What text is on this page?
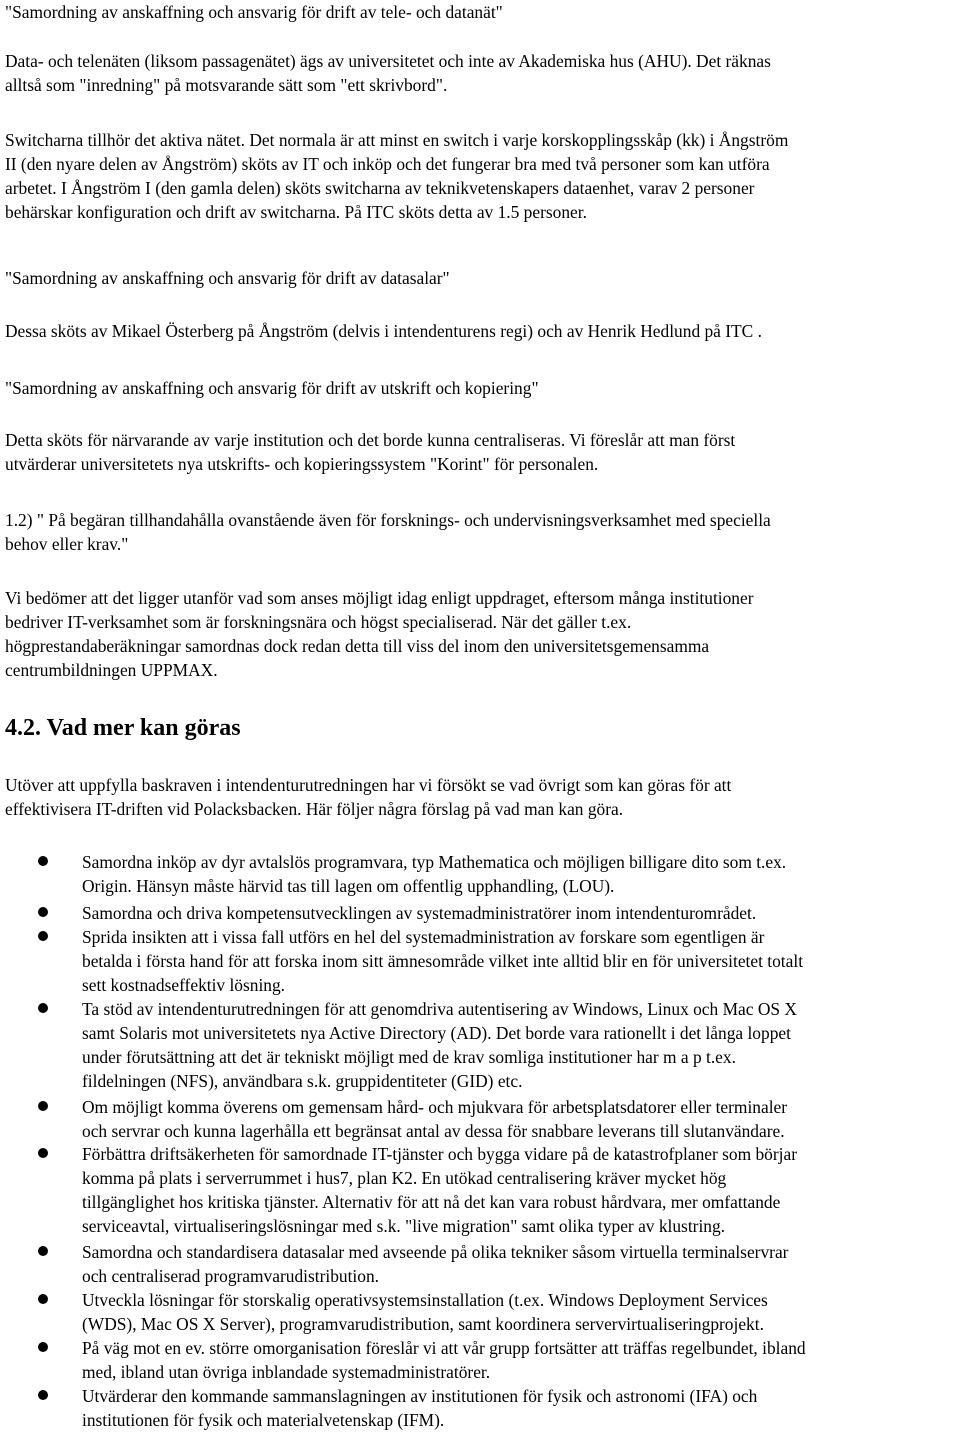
"Samordning av anskaffning och ansvarig för drift av tele- och datanät"

Data- och telenäten (liksom passagenätet) ägs av universitetet och inte av Akademiska hus (AHU). Det räknas
alltså som "inredning" på motsvarande sätt som "ett skrivbord".

Switcharna tillhör det aktiva nätet. Det normala är att minst en switch i varje korskopplingsskåp (kk) i Ångström
II (den nyare delen av Ångström) sköts av IT och inköp och det fungerar bra med två personer som kan utföra
arbetet. I Ångström I (den gamla delen) sköts switcharna av teknikvetenskapers dataenhet, varav 2 personer
behärskar konfiguration och drift av switcharna. På ITC sköts detta av 1.5 personer.

"Samordning av anskaffning och ansvarig för drift av datasalar"

Dessa sköts av Mikael Österberg på Ångström (delvis i intendenturens regi) och av Henrik Hedlund på ITC .

"Samordning av anskaffning och ansvarig för drift av utskrift och kopiering"

Detta sköts för närvarande av varje institution och det borde kunna centraliseras. Vi föreslår att man först
utvärderar universitetets nya utskrifts- och kopieringssystem "Korint" för personalen.

1.2) " På begäran tillhandahålla ovanstående även för forsknings- och undervisningsverksamhet med speciella
behov eller krav."

Vi bedömer att det ligger utanför vad som anses möjligt idag enligt uppdraget, eftersom många institutioner
bedriver IT-verksamhet som är forskningsnära och högst specialiserad. När det gäller t.ex.
högprestandaberäkningar samordnas dock redan detta till viss del inom den universitetsgemensamma
centrumbildningen UPPMAX.

4.2. Vad mer kan göras

Utöver att uppfylla baskraven i intendenturutredningen har vi försökt se vad övrigt som kan göras för att
effektivisera IT-driften vid Polacksbacken. Här följer några förslag på vad man kan göra.

Samordna inköp av dyr avtalslös programvara, typ Mathematica och möjligen billigare dito som t.ex.
Origin. Hänsyn måste härvid tas till lagen om offentlig upphandling, (LOU).

Samordna och driva kompetensutvecklingen av systemadministratörer inom intendenturområdet.

Sprida insikten att i vissa fall utförs en hel del systemadministration av forskare som egentligen är
betalda i första hand för att forska inom sitt ämnesområde vilket inte alltid blir en för universitetet totalt
sett kostnadseffektiv lösning.

Ta stöd av intendenturutredningen för att genomdriva autentisering av Windows, Linux och Mac OS X
samt Solaris mot universitetets nya Active Directory (AD). Det borde vara rationellt i det långa loppet
under förutsättning att det är tekniskt möjligt med de krav somliga institutioner har m a p t.ex.
fildelningen (NFS), användbara s.k. gruppidentiteter (GID) etc.

Om möjligt komma överens om gemensam hård- och mjukvara för arbetsplatsdatorer eller terminaler
och servrar och kunna lagerhålla ett begränsat antal av dessa för snabbare leverans till slutanvändare.

Förbättra driftsäkerheten för samordnade IT-tjänster och bygga vidare på de katastrofplaner som börjar
komma på plats i serverrummet i hus7, plan K2. En utökad centralisering kräver mycket hög
tillgänglighet hos kritiska tjänster. Alternativ för att nå det kan vara robust hårdvara, mer omfattande
serviceavtal, virtualiseringslösningar med s.k. "live migration" samt olika typer av klustring.

Samordna och standardisera datasalar med avseende på olika tekniker såsom virtuella terminalservrar
och centraliserad programvarudistribution.

Utveckla lösningar för storskalig operativsystemsinstallation (t.ex. Windows Deployment Services
(WDS), Mac OS X Server), programvarudistribution, samt koordinera servervirtualiseringprojekt.

På väg mot en ev. större omorganisation föreslår vi att vår grupp fortsätter att träffas regelbundet, ibland
med, ibland utan övriga inblandade systemadministratörer.

Utvärderar den kommande sammanslagningen av institutionen för fysik och astronomi (IFA) och
institutionen för fysik och materialvetenskap (IFM).
